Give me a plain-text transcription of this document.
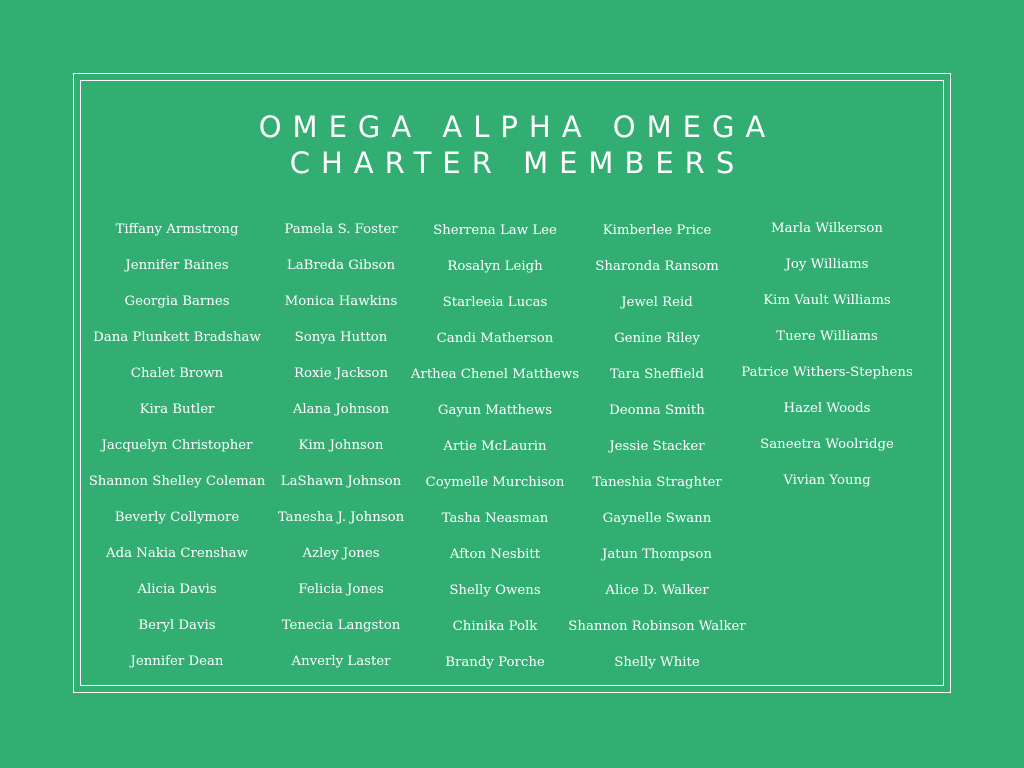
OMEGA ALPHA OMEGA
CHARTER MEMBERS
Tiffany Armstrong
Jennifer Baines
Georgia Barnes
Dana Plunkett Bradshaw
Chalet Brown
Kira Butler
Jacquelyn Christopher
Shannon Shelley Coleman
Beverly Collymore
Ada Nakia Crenshaw
Alicia Davis
Beryl Davis
Jennifer Dean
Pamela S. Foster
LaBreda Gibson
Monica Hawkins
Sonya Hutton
Roxie Jackson
Alana Johnson
Kim Johnson
LaShawn Johnson
Tanesha J. Johnson
Azley Jones
Felicia Jones
Tenecia Langston
Anverly Laster
Sherrena Law Lee
Rosalyn Leigh
Starleeia Lucas
Candi Matherson
Arthea Chenel Matthews
Gayun Matthews
Artie McLaurin
Coymelle Murchison
Tasha Neasman
Afton Nesbitt
Shelly Owens
Chinika Polk
Brandy Porche
Kimberlee Price
Sharonda Ransom
Jewel Reid
Genine Riley
Tara Sheffield
Deonna Smith
Jessie Stacker
Taneshia Straghter
Gaynelle Swann
Jatun Thompson
Alice D. Walker
Shannon Robinson Walker
Shelly White
Marla Wilkerson
Joy Williams
Kim Vault Williams
Tuere Williams
Patrice Withers-Stephens
Hazel Woods
Saneetra Woolridge
Vivian Young
